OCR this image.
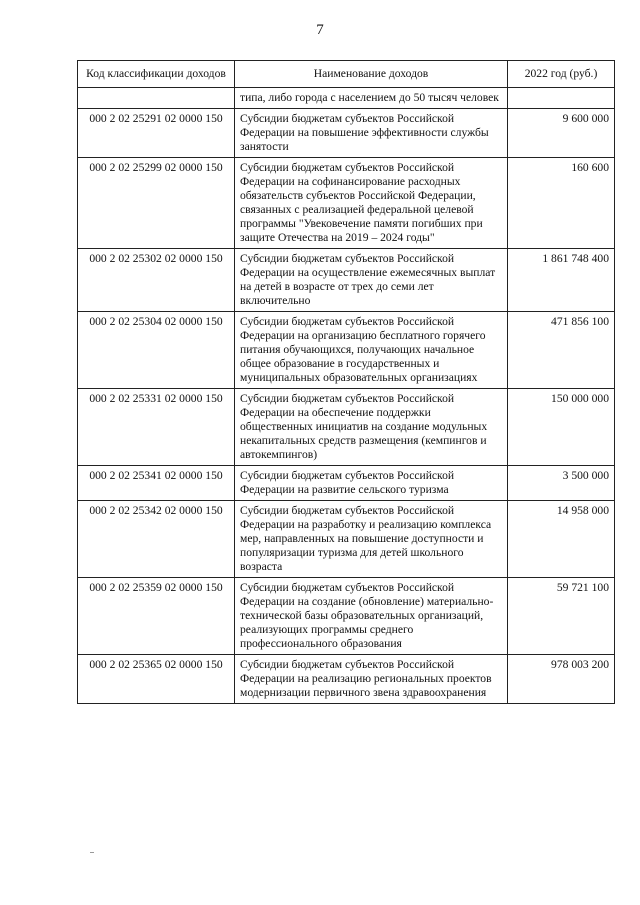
7
Код классификации доходов	Наименование доходов	2022 год (руб.)
	типа, либо города с населением до 50 тысяч человек	
000 2 02 25291 02 0000 150	Субсидии бюджетам субъектов Российской Федерации на повышение эффективности службы занятости	9 600 000
000 2 02 25299 02 0000 150	Субсидии бюджетам субъектов Российской Федерации на софинансирование расходных обязательств субъектов Российской Федерации, связанных с реализацией федеральной целевой программы "Увековечение памяти погибших при защите Отечества на 2019 – 2024 годы"	160 600
000 2 02 25302 02 0000 150	Субсидии бюджетам субъектов Российской Федерации на осуществление ежемесячных выплат на детей в возрасте от трех до семи лет включительно	1 861 748 400
000 2 02 25304 02 0000 150	Субсидии бюджетам субъектов Российской Федерации на организацию бесплатного горячего питания обучающихся, получающих начальное общее образование в государственных и муниципальных образовательных организациях	471 856 100
000 2 02 25331 02 0000 150	Субсидии бюджетам субъектов Российской Федерации на обеспечение поддержки общественных инициатив на создание модульных некапитальных средств размещения (кемпингов и автокемпингов)	150 000 000
000 2 02 25341 02 0000 150	Субсидии бюджетам субъектов Российской Федерации на развитие сельского туризма	3 500 000
000 2 02 25342 02 0000 150	Субсидии бюджетам субъектов Российской Федерации на разработку и реализацию комплекса мер, направленных на повышение доступности и популяризации туризма для детей школьного возраста	14 958 000
000 2 02 25359 02 0000 150	Субсидии бюджетам субъектов Российской Федерации на создание (обновление) материально-технической базы образовательных организаций, реализующих программы среднего профессионального образования	59 721 100
000 2 02 25365 02 0000 150	Субсидии бюджетам субъектов Российской Федерации на реализацию региональных проектов модернизации первичного звена здравоохранения	978 003 200
